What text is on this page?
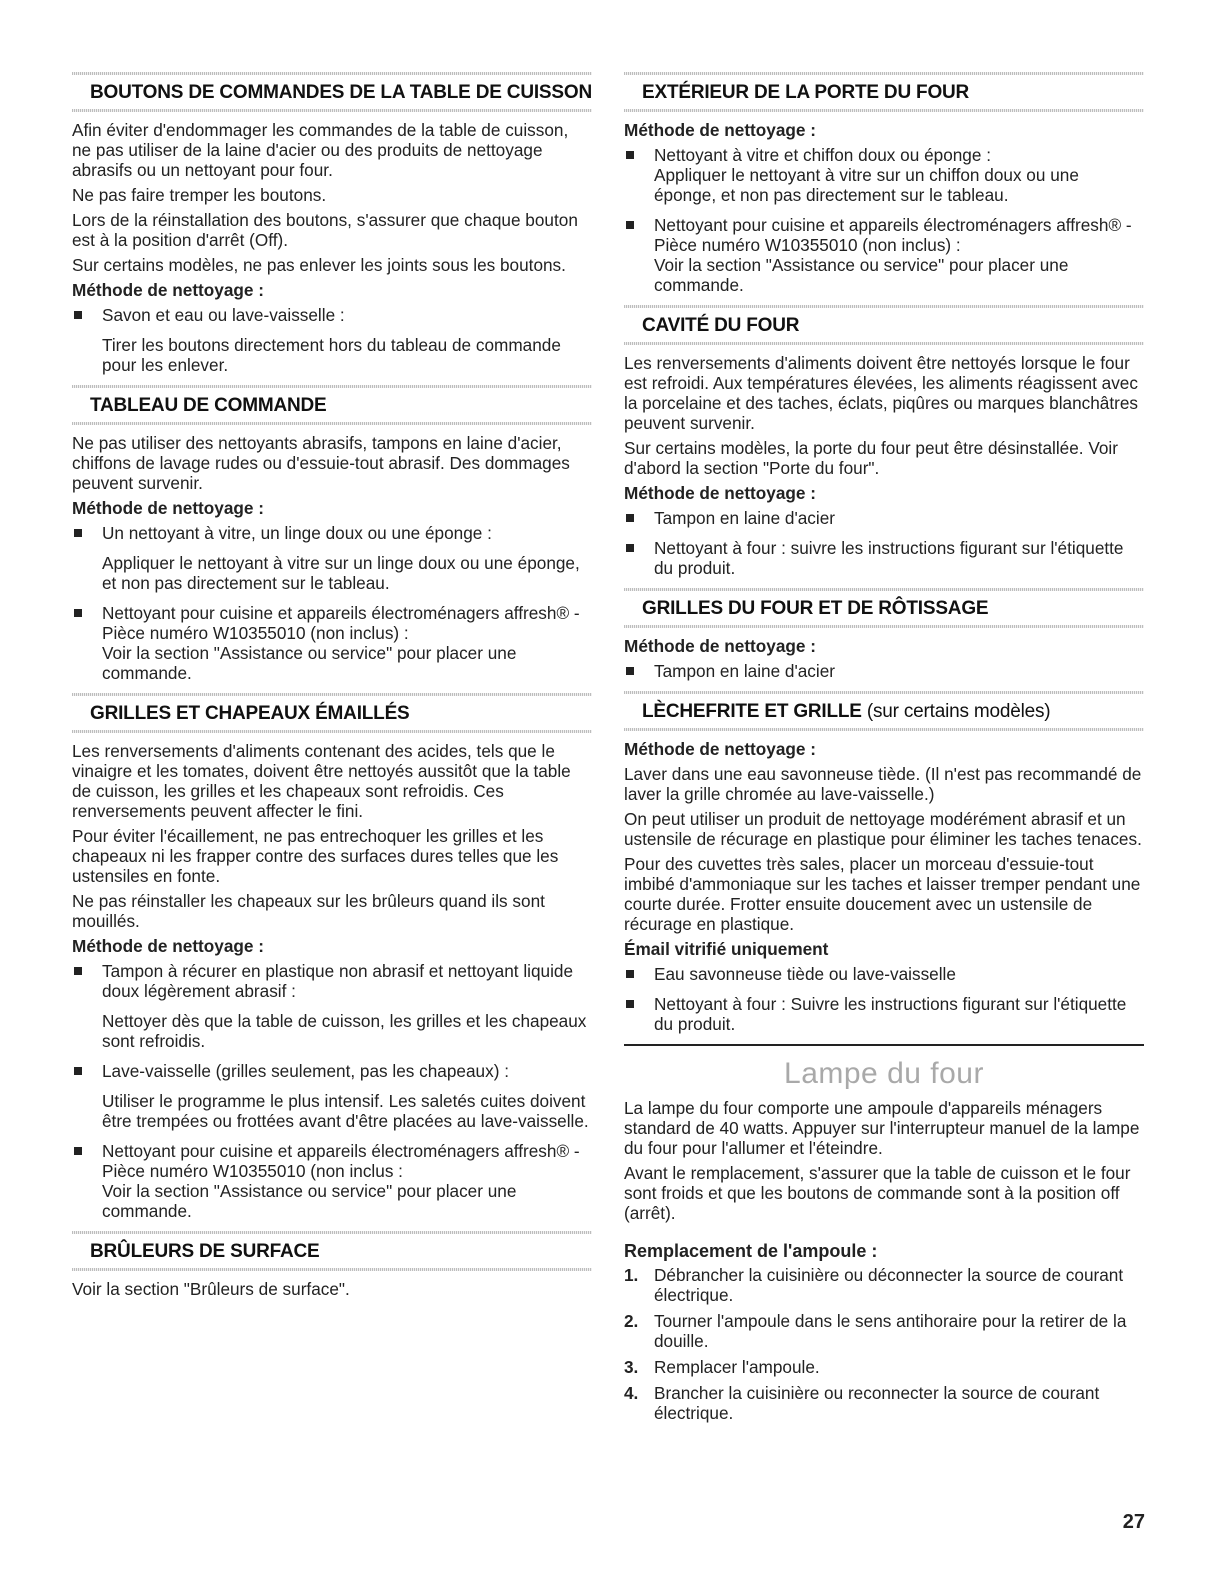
BOUTONS DE COMMANDES DE LA TABLE DE CUISSON

Afin éviter d'endommager les commandes de la table de cuisson, ne pas utiliser de la laine d'acier ou des produits de nettoyage abrasifs ou un nettoyant pour four.

Ne pas faire tremper les boutons.

Lors de la réinstallation des boutons, s'assurer que chaque bouton est à la position d'arrêt (Off).

Sur certains modèles, ne pas enlever les joints sous les boutons.

Méthode de nettoyage :
Savon et eau ou lave-vaisselle :

Tirer les boutons directement hors du tableau de commande pour les enlever.

TABLEAU DE COMMANDE

Ne pas utiliser des nettoyants abrasifs, tampons en laine d'acier, chiffons de lavage rudes ou d'essuie-tout abrasif. Des dommages peuvent survenir.

Méthode de nettoyage :
Un nettoyant à vitre, un linge doux ou une éponge :

Appliquer le nettoyant à vitre sur un linge doux ou une éponge, et non pas directement sur le tableau.

Nettoyant pour cuisine et appareils électroménagers affresh® - Pièce numéro W10355010 (non inclus) :
Voir la section "Assistance ou service" pour placer une commande.
GRILLES ET CHAPEAUX ÉMAILLÉS

Les renversements d'aliments contenant des acides, tels que le vinaigre et les tomates, doivent être nettoyés aussitôt que la table de cuisson, les grilles et les chapeaux sont refroidis. Ces renversements peuvent affecter le fini.

Pour éviter l'écaillement, ne pas entrechoquer les grilles et les chapeaux ni les frapper contre des surfaces dures telles que les ustensiles en fonte.

Ne pas réinstaller les chapeaux sur les brûleurs quand ils sont mouillés.

Méthode de nettoyage :
Tampon à récurer en plastique non abrasif et nettoyant liquide doux légèrement abrasif :

Nettoyer dès que la table de cuisson, les grilles et les chapeaux sont refroidis.

Lave-vaisselle (grilles seulement, pas les chapeaux) :

Utiliser le programme le plus intensif. Les saletés cuites doivent être trempées ou frottées avant d'être placées au lave-vaisselle.

Nettoyant pour cuisine et appareils électroménagers affresh® - Pièce numéro W10355010 (non inclus :
Voir la section "Assistance ou service" pour placer une commande.
BRÛLEURS DE SURFACE

Voir la section "Brûleurs de surface".

EXTÉRIEUR DE LA PORTE DU FOUR
Méthode de nettoyage :
Nettoyant à vitre et chiffon doux ou éponge :
Appliquer le nettoyant à vitre sur un chiffon doux ou une éponge, et non pas directement sur le tableau.
Nettoyant pour cuisine et appareils électroménagers affresh® - Pièce numéro W10355010 (non inclus) :
Voir la section "Assistance ou service" pour placer une commande.
CAVITÉ DU FOUR

Les renversements d'aliments doivent être nettoyés lorsque le four est refroidi. Aux températures élevées, les aliments réagissent avec la porcelaine et des taches, éclats, piqûres ou marques blanchâtres peuvent survenir.

Sur certains modèles, la porte du four peut être désinstallée. Voir d'abord la section "Porte du four".

Méthode de nettoyage :
Tampon en laine d'acier
Nettoyant à four : suivre les instructions figurant sur l'étiquette du produit.
GRILLES DU FOUR ET DE RÔTISSAGE
Méthode de nettoyage :
Tampon en laine d'acier
LÈCHEFRITE ET GRILLE (sur certains modèles)
Méthode de nettoyage :

Laver dans une eau savonneuse tiède. (Il n'est pas recommandé de laver la grille chromée au lave-vaisselle.)

On peut utiliser un produit de nettoyage modérément abrasif et un ustensile de récurage en plastique pour éliminer les taches tenaces.

Pour des cuvettes très sales, placer un morceau d'essuie-tout imbibé d'ammoniaque sur les taches et laisser tremper pendant une courte durée. Frotter ensuite doucement avec un ustensile de récurage en plastique.

Émail vitrifié uniquement
Eau savonneuse tiède ou lave-vaisselle
Nettoyant à four : Suivre les instructions figurant sur l'étiquette du produit.
Lampe du four

La lampe du four comporte une ampoule d'appareils ménagers standard de 40 watts. Appuyer sur l'interrupteur manuel de la lampe du four pour l'allumer et l'éteindre.

Avant le remplacement, s'assurer que la table de cuisson et le four sont froids et que les boutons de commande sont à la position off (arrêt).

Remplacement de l'ampoule :
1. Débrancher la cuisinière ou déconnecter la source de courant électrique.
2. Tourner l'ampoule dans le sens antihoraire pour la retirer de la douille.
3. Remplacer l'ampoule.
4. Brancher la cuisinière ou reconnecter la source de courant électrique.
27
